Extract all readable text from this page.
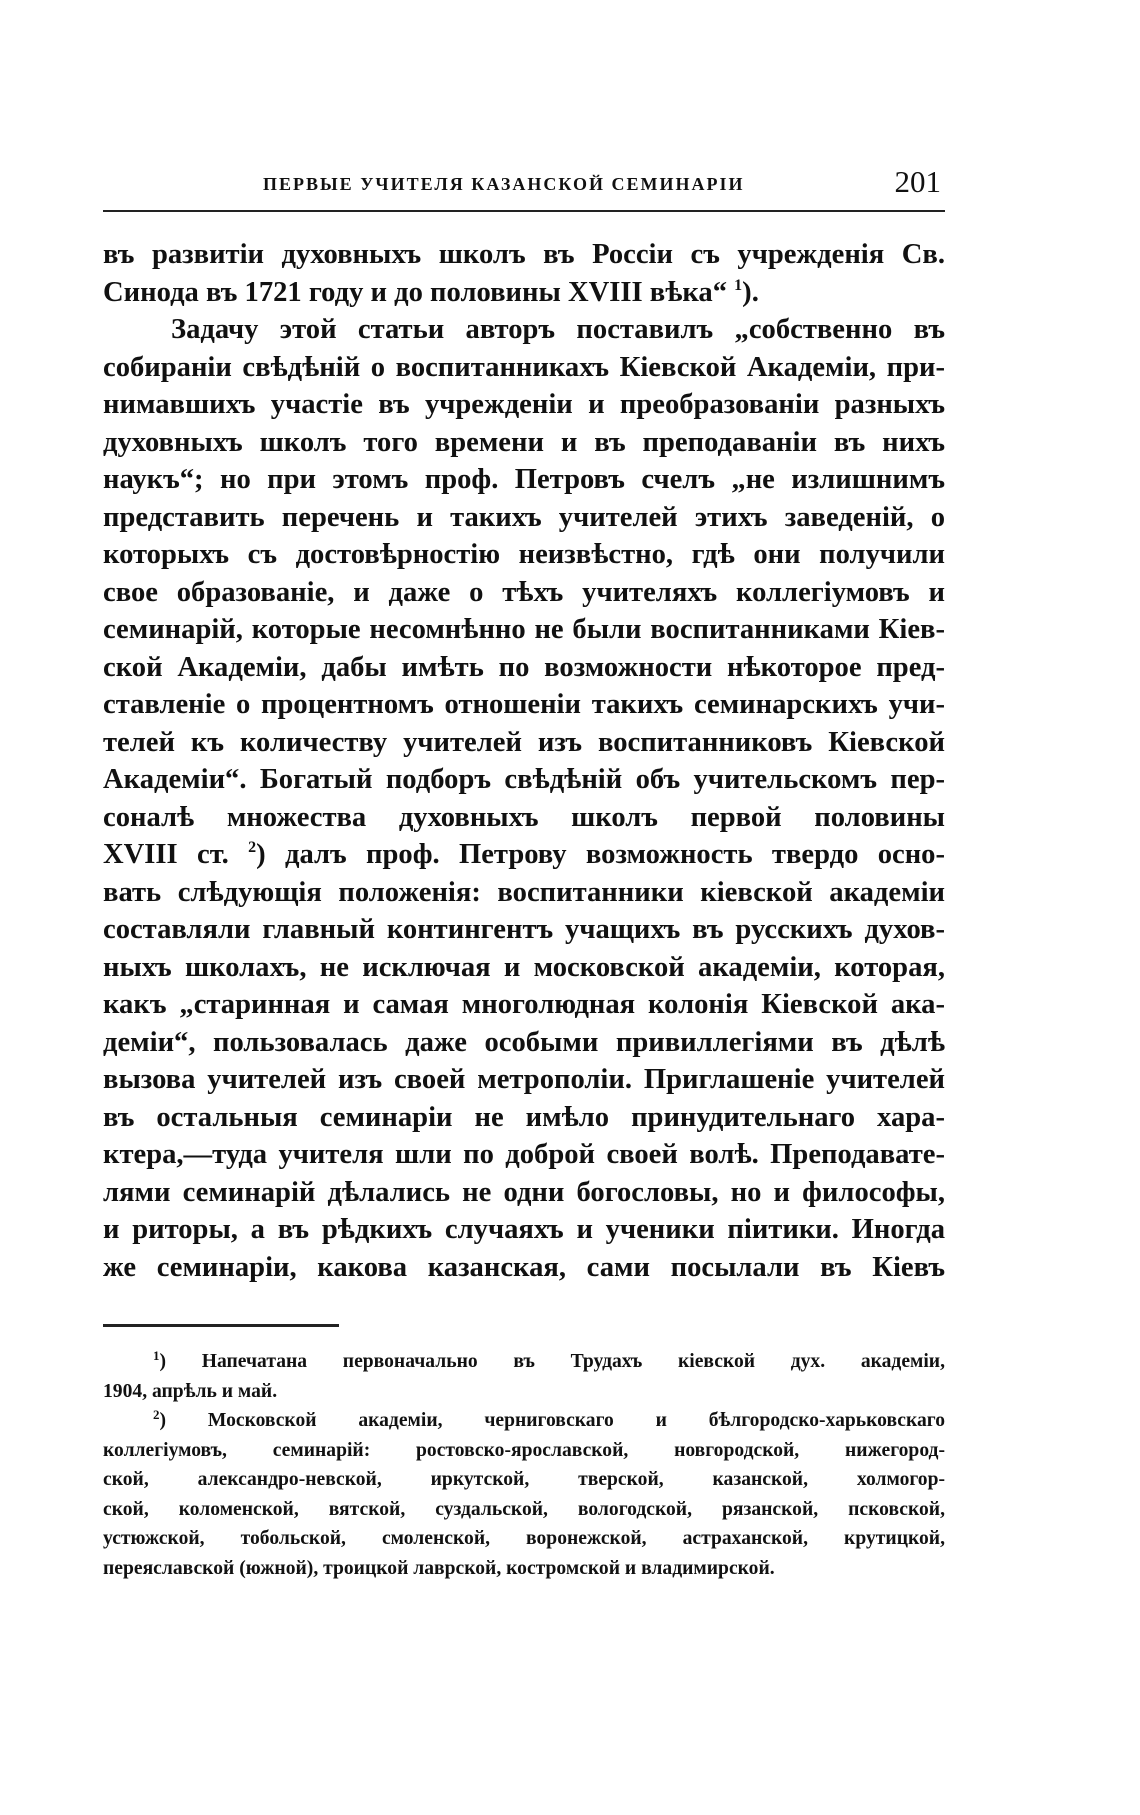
ПЕРВЫЕ УЧИТЕЛЯ КАЗАНСКОЙ СЕМИНАРІИ	201
въ развитіи духовныхъ школъ въ Россіи съ учрежденія Св.
Синода въ 1721 году и до половины XVIII вѣка“ $^1$).
Задачу этой статьи авторъ поставилъ „собственно въ
собираніи свѣдѣній о воспитанникахъ Кіевской Академіи, при-
нимавшихъ участіе въ учрежденіи и преобразованіи разныхъ
духовныхъ школъ того времени и въ преподаваніи въ нихъ
наукъ“; но при этомъ проф. Петровъ счелъ „не излишнимъ
представить перечень и такихъ учителей этихъ заведеній, о
которыхъ съ достовѣрностію неизвѣстно, гдѣ они получили
свое образованіе, и даже о тѣхъ учителяхъ коллегіумовъ и
семинарій, которые несомнѣнно не были воспитанниками Кіев-
ской Академіи, дабы имѣть по возможности нѣкоторое пред-
ставленіе о процентномъ отношеніи такихъ семинарскихъ учи-
телей къ количеству учителей изъ воспитанниковъ Кіевской
Академіи“. Богатый подборъ свѣдѣній объ учительскомъ пер-
соналѣ множества духовныхъ школъ первой половины
XVIII ст. $^2$) далъ проф. Петрову возможность твердо осно-
вать слѣдующія положенія: воспитанники кіевской академіи
составляли главный контингентъ учащихъ въ русскихъ духов-
ныхъ школахъ, не исключая и московской академіи, которая,
какъ „старинная и самая многолюдная колонія Кіевской ака-
деміи“, пользовалась даже особыми привиллегіями въ дѣлѣ
вызова учителей изъ своей метрополіи. Приглашеніе учителей
въ остальныя семинаріи не имѣло принудительнаго хара-
ктера,—туда учителя шли по доброй своей волѣ. Преподавате-
лями семинарій дѣлались не одни богословы, но и философы,
и риторы, а въ рѣдкихъ случаяхъ и ученики піитики. Иногда
же семинаріи, какова казанская, сами посылали въ Кіевъ
$^1$) Напечатана первоначально въ Трудахъ кіевской дух. академіи,
1904, апрѣль и май.
$^2$) Московской академіи, черниговскаго и бѣлгородско-харьковскаго
коллегіумовъ, семинарій: ростовско-ярославской, новгородской, нижегород-
ской, александро-невской, иркутской, тверской, казанской, холмогор-
ской, коломенской, вятской, суздальской, вологодской, рязанской, псковской,
устюжской, тобольской, смоленской, воронежской, астраханской, крутицкой,
переяславской (южной), троицкой лаврской, костромской и владимирской.
